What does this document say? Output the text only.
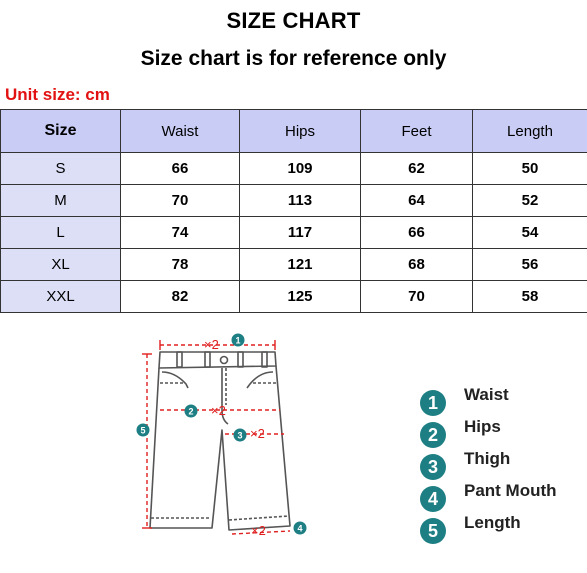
SIZE CHART
Size chart is for reference only
Unit size: cm
Size	Waist	Hips	Feet	Length
S	66	109	62	50
M	70	113	64	52
L	74	117	66	54
XL	78	121	68	56
XXL	82	125	70	58
×2
×2
×2
×2
1
2
3
4
5
1	Waist
2	Hips
3	Thigh
4	Pant Mouth
5	Length
